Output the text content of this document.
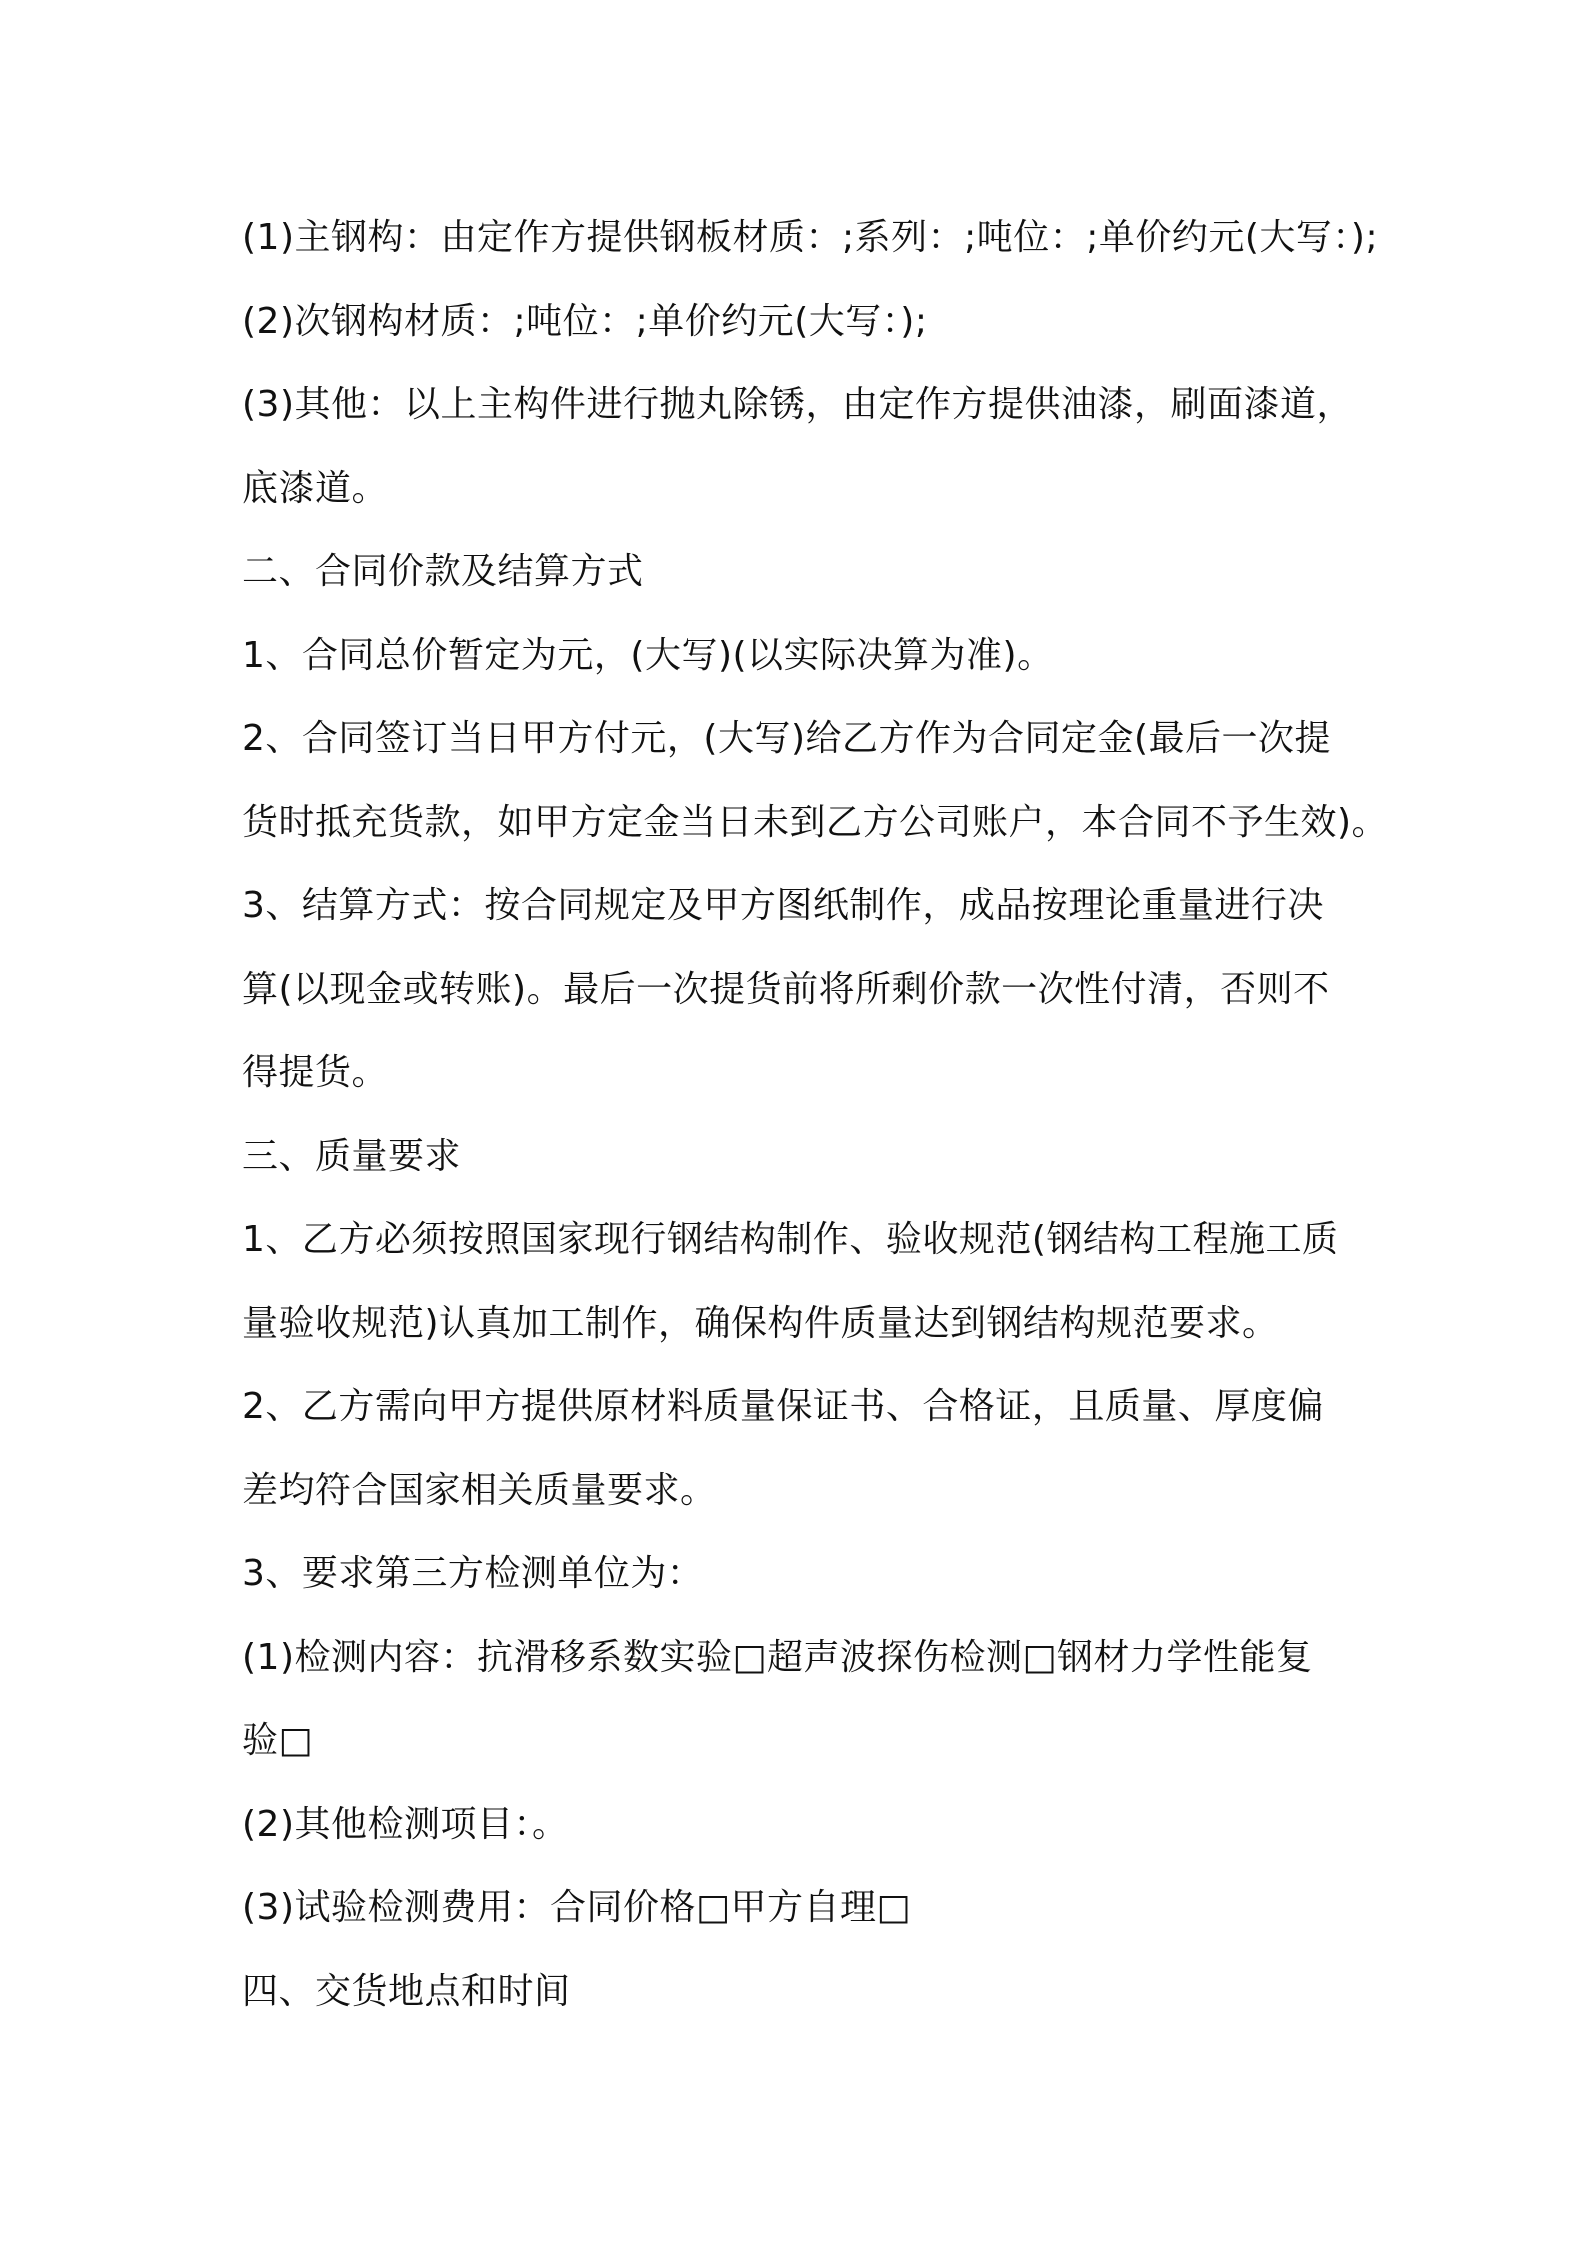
(1)主钢构：由定作方提供钢板材质：;系列：;吨位：;单价约元(大写：);
(2)次钢构材质：;吨位：;单价约元(大写：);
(3)其他：以上主构件进行抛丸除锈，由定作方提供油漆，刷面漆道，
底漆道。
二、合同价款及结算方式
1、合同总价暂定为元，(大写)(以实际决算为准)。
2、合同签订当日甲方付元，(大写)给乙方作为合同定金(最后一次提
货时抵充货款，如甲方定金当日未到乙方公司账户，本合同不予生效)。
3、结算方式：按合同规定及甲方图纸制作，成品按理论重量进行决
算(以现金或转账)。最后一次提货前将所剩价款一次性付清，否则不
得提货。
三、质量要求
1、乙方必须按照国家现行钢结构制作、验收规范(钢结构工程施工质
量验收规范)认真加工制作，确保构件质量达到钢结构规范要求。
2、乙方需向甲方提供原材料质量保证书、合格证，且质量、厚度偏
差均符合国家相关质量要求。
3、要求第三方检测单位为：
(1)检测内容：抗滑移系数实验□超声波探伤检测□钢材力学性能复
验□
(2)其他检测项目：。
(3)试验检测费用：合同价格□甲方自理□
四、交货地点和时间
